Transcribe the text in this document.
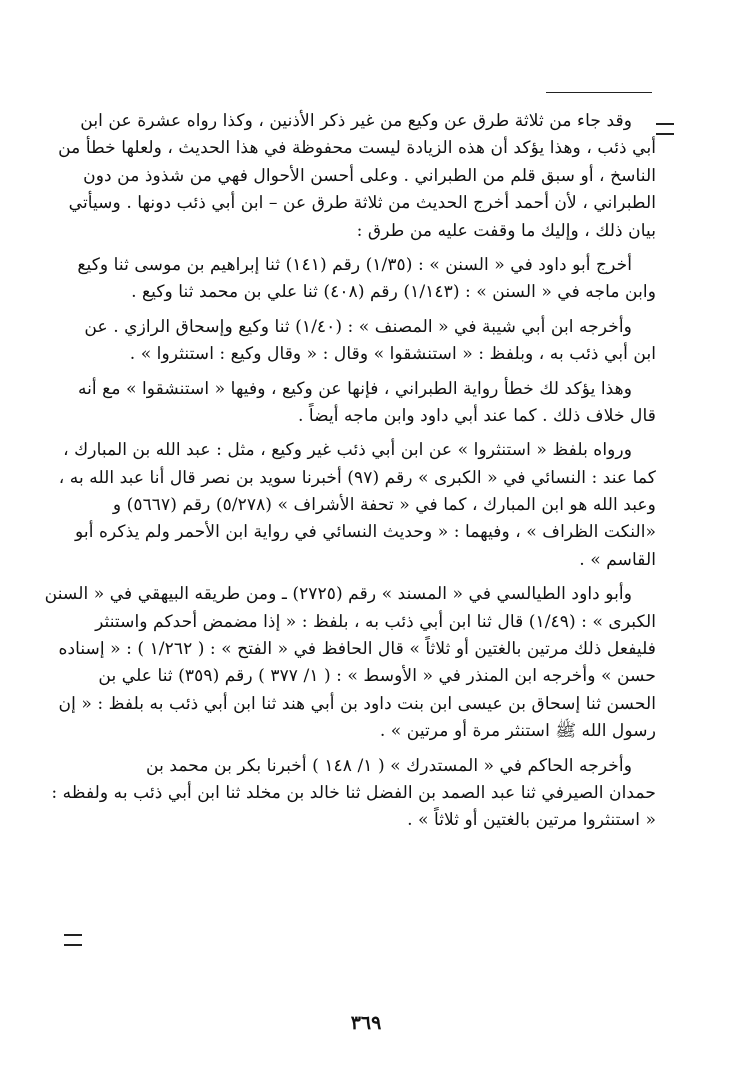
وقد جاء من ثلاثة طرق عن وكيع من غير ذكر الأذنين ، وكذا رواه عشرة عن ابن
أبي ذئب ، وهذا يؤكد أن هذه الزيادة ليست محفوظة في هذا الحديث ، ولعلها خطأ من
الناسخ ، أو سبق قلم من الطبراني . وعلى أحسن الأحوال فهي من شذوذ من دون
الطبراني ، لأن أحمد أخرج الحديث من ثلاثة طرق عن – ابن أبي ذئب دونها . وسيأتي
بيان ذلك ، وإليك ما وقفت عليه من طرق :
أخرج أبو داود في « السنن » : (١/٣٥) رقم (١٤١) ثنا إبراهيم بن موسى ثنا وكيع
وابن ماجه في « السنن » : (١/١٤٣) رقم (٤٠٨) ثنا علي بن محمد ثنا وكيع .
وأخرجه ابن أبي شيبة في « المصنف » : (١/٤٠) ثنا وكيع وإسحاق الرازي . عن
ابن أبي ذئب به ، وبلفظ : « استنشقوا » وقال : « وقال وكيع : استنثروا » .
وهذا يؤكد لك خطأ رواية الطبراني ، فإنها عن وكيع ، وفيها « استنشقوا » مع أنه
قال خلاف ذلك . كما عند أبي داود وابن ماجه أيضاً .
ورواه بلفظ « استنثروا » عن ابن أبي ذئب غير وكيع ، مثل : عبد الله بن المبارك ،
كما عند : النسائي في « الكبرى » رقم (٩٧) أخبرنا سويد بن نصر قال أنا عبد الله به ،
وعبد الله هو ابن المبارك ، كما في « تحفة الأشراف » (٥/٢٧٨) رقم (٥٦٦٧) و
«النكت الظراف » ، وفيهما : « وحديث النسائي في رواية ابن الأحمر ولم يذكره أبو
القاسم » .
وأبو داود الطيالسي في « المسند » رقم (٢٧٢٥) ـ ومن طريقه البيهقي في « السنن
الكبرى » : (١/٤٩) قال ثنا ابن أبي ذئب به ، بلفظ : « إذا مضمض أحدكم واستنثر
فليفعل ذلك مرتين بالغتين أو ثلاثاً » قال الحافظ في « الفتح » : ( ١/٢٦٢ ) : « إسناده
حسن » وأخرجه ابن المنذر في « الأوسط » : ( ١/ ٣٧٧ ) رقم (٣٥٩) ثنا علي بن
الحسن ثنا إسحاق بن عيسى ابن بنت داود بن أبي هند ثنا ابن أبي ذئب به بلفظ : « إن
رسول الله ﷺ استنثر مرة أو مرتين » .
وأخرجه الحاكم في « المستدرك » ( ١/ ١٤٨ ) أخبرنا بكر بن محمد بن
حمدان الصيرفي ثنا عبد الصمد بن الفضل ثنا خالد بن مخلد ثنا ابن أبي ذئب به ولفظه :
« استنثروا مرتين بالغتين أو ثلاثاً » .
٣٦٩
